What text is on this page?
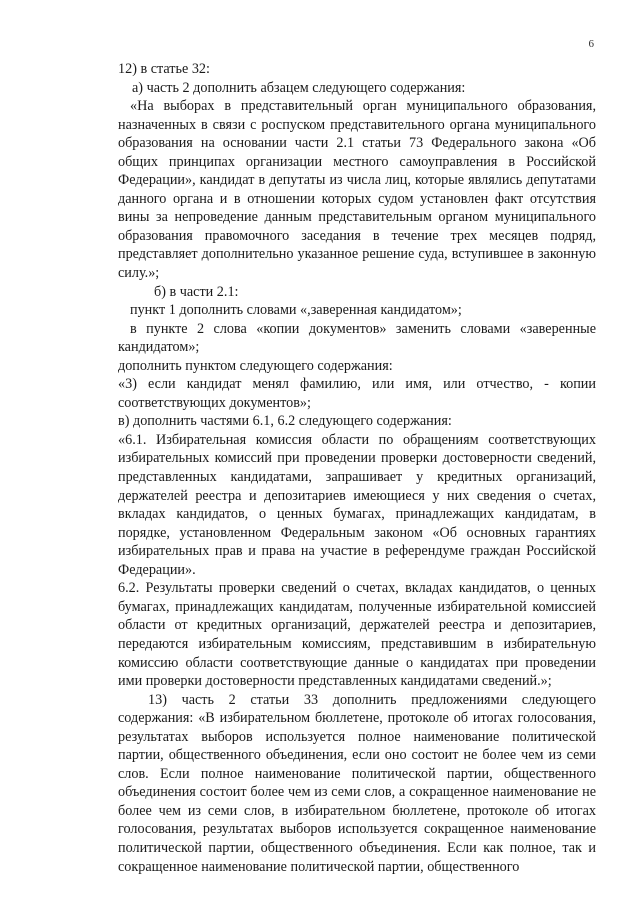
6

12) в статье 32:

а) часть 2 дополнить абзацем следующего содержания:

«На выборах в представительный орган муниципального образования, назначенных в связи с роспуском представительного органа муниципального образования на основании части 2.1 статьи 73 Федерального закона «Об общих принципах организации местного самоуправления в Российской Федерации», кандидат в депутаты из числа лиц, которые являлись депутатами данного органа и в отношении которых судом установлен факт отсутствия вины за непроведение данным представительным органом муниципального образования правомочного заседания в течение трех месяцев подряд, представляет дополнительно указанное решение суда, вступившее в законную силу.»;

б) в части 2.1:

пункт 1 дополнить словами «,заверенная кандидатом»;

в пункте 2 слова «копии документов» заменить словами «заверенные кандидатом»;

дополнить пунктом следующего содержания:

«3) если кандидат менял фамилию, или имя, или отчество, - копии соответствующих документов»;

в) дополнить частями 6.1, 6.2 следующего содержания:

«6.1. Избирательная комиссия области по обращениям соответствующих избирательных комиссий при проведении проверки достоверности сведений, представленных кандидатами, запрашивает у кредитных организаций, держателей реестра и депозитариев имеющиеся у них сведения о счетах, вкладах кандидатов, о ценных бумагах, принадлежащих кандидатам, в порядке, установленном Федеральным законом «Об основных гарантиях избирательных прав и права на участие в референдуме граждан Российской Федерации».

6.2. Результаты проверки сведений о счетах, вкладах кандидатов, о ценных бумагах, принадлежащих кандидатам, полученные избирательной комиссией области от кредитных организаций, держателей реестра и депозитариев, передаются избирательным комиссиям, представившим в избирательную комиссию области соответствующие данные о кандидатах при проведении ими проверки достоверности представленных кандидатами сведений.»;

13) часть 2 статьи 33 дополнить предложениями следующего содержания: «В избирательном бюллетене, протоколе об итогах голосования, результатах выборов используется полное наименование политической партии, общественного объединения, если оно состоит не более чем из семи слов. Если полное наименование политической партии, общественного объединения состоит более чем из семи слов, а сокращенное наименование не более чем из семи слов, в избирательном бюллетене, протоколе об итогах голосования, результатах выборов используется сокращенное наименование политической партии, общественного объединения. Если как полное, так и сокращенное наименование политической партии, общественного
